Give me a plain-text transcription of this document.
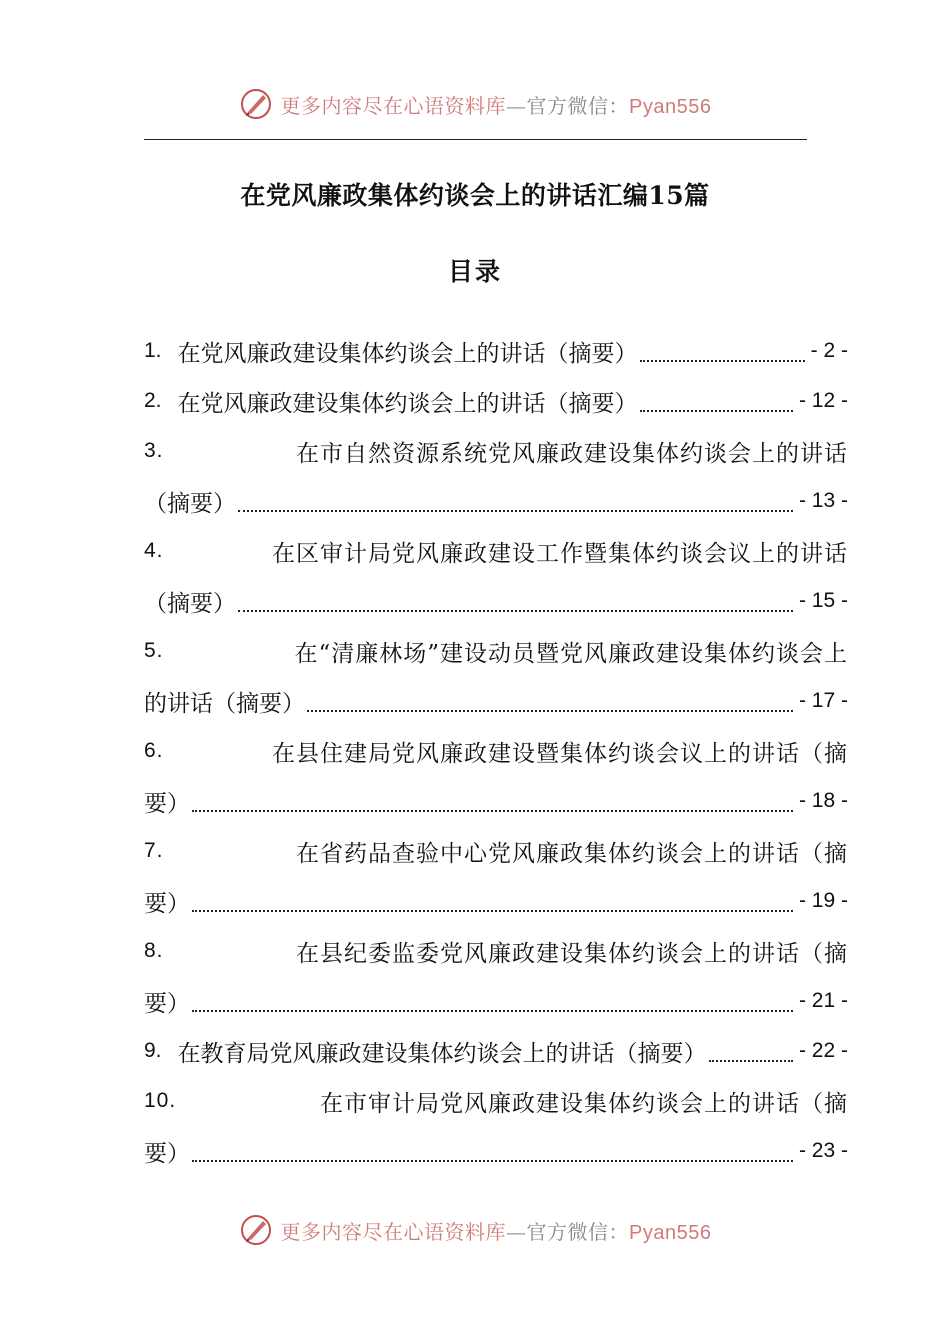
更多内容尽在心语资料库—官方微信：Pyan556
在党风廉政集体约谈会上的讲话汇编15篇
目录
1. 在党风廉政建设集体约谈会上的讲话（摘要）	- 2 -
2. 在党风廉政建设集体约谈会上的讲话（摘要）	- 12 -
3.	在市自然资源系统党风廉政建设集体约谈会上的讲话
（摘要）	- 13 -
4.	在区审计局党风廉政建设工作暨集体约谈会议上的讲话
（摘要）	- 15 -
5.	在“清廉林场”建设动员暨党风廉政建设集体约谈会上
的讲话（摘要）	- 17 -
6.	在县住建局党风廉政建设暨集体约谈会议上的讲话（摘
要）	- 18 -
7.	在省药品查验中心党风廉政集体约谈会上的讲话（摘
要）	- 19 -
8.	在县纪委监委党风廉政建设集体约谈会上的讲话（摘
要）	- 21 -
9. 在教育局党风廉政建设集体约谈会上的讲话（摘要）	- 22 -
10.	在市审计局党风廉政建设集体约谈会上的讲话（摘
要）	- 23 -
更多内容尽在心语资料库—官方微信：Pyan556
